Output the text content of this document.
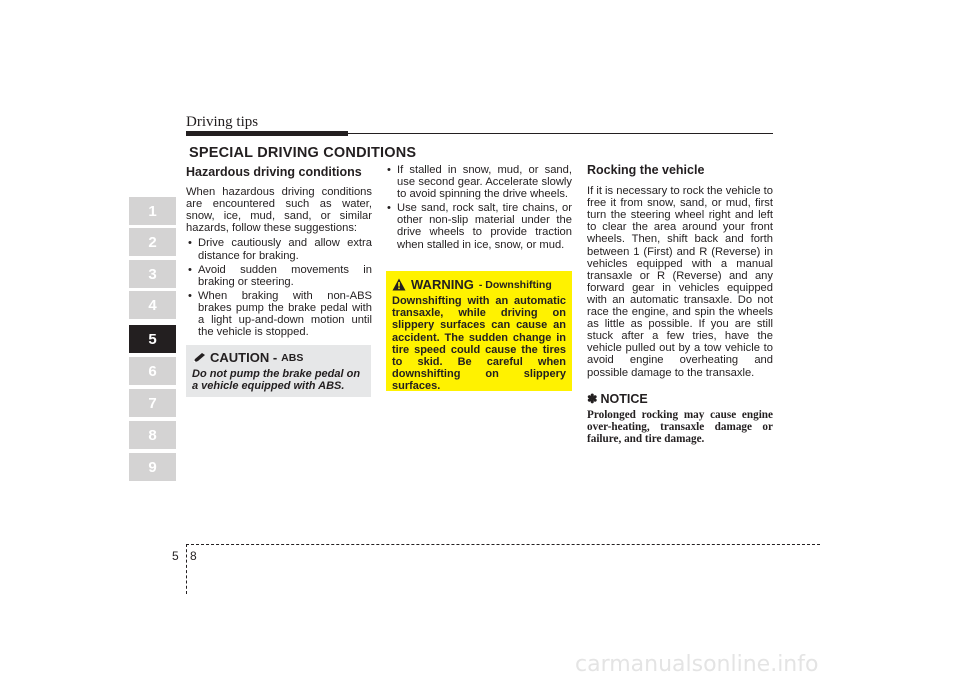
Driving tips
SPECIAL DRIVING CONDITIONS
1
2
3
4
5
6
7
8
9
Hazardous driving conditions

When hazardous driving conditions are encountered such as water, snow, ice, mud, sand, or similar hazards, follow these suggestions:

• Drive cautiously and allow extra distance for braking.
• Avoid sudden movements in braking or steering.
• When braking with non-ABS brakes pump the brake pedal with a light up-and-down motion until the vehicle is stopped.
CAUTION - ABS
Do not pump the brake pedal on a vehicle equipped with ABS.
• If stalled in snow, mud, or sand, use second gear. Accelerate slowly to avoid spinning the drive wheels.
• Use sand, rock salt, tire chains, or other non-slip material under the drive wheels to provide traction when stalled in ice, snow, or mud.
WARNING - Downshifting
Downshifting with an automatic transaxle, while driving on slippery surfaces can cause an accident. The sudden change in tire speed could cause the tires to skid. Be careful when downshifting on slippery surfaces.
Rocking the vehicle

If it is necessary to rock the vehicle to free it from snow, sand, or mud, first turn the steering wheel right and left to clear the area around your front wheels. Then, shift back and forth between 1 (First) and R (Reverse) in vehicles equipped with a manual transaxle or R (Reverse) and any forward gear in vehicles equipped with an automatic transaxle. Do not race the engine, and spin the wheels as little as possible. If you are still stuck after a few tries, have the vehicle pulled out by a tow vehicle to avoid engine overheating and possible damage to the transaxle.

✽ NOTICE
Prolonged rocking may cause engine over-heating, transaxle damage or failure, and tire damage.
5 8
carmanualsonline.info
